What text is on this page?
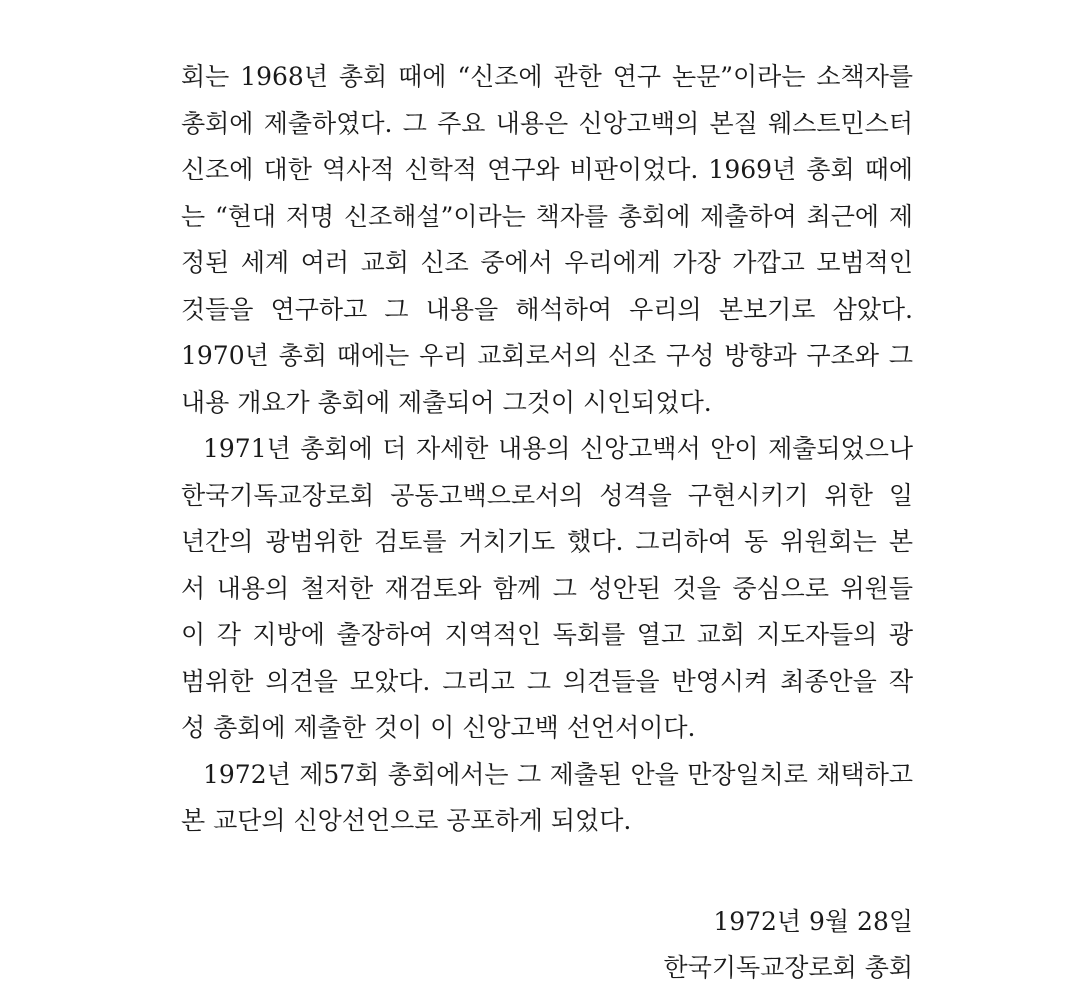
회는 1968년 총회 때에 “신조에 관한 연구 논문”이라는 소책자를
총회에 제출하였다. 그 주요 내용은 신앙고백의 본질 웨스트민스터
신조에 대한 역사적 신학적 연구와 비판이었다. 1969년 총회 때에
는 “현대 저명 신조해설”이라는 책자를 총회에 제출하여 최근에 제
정된 세계 여러 교회 신조 중에서 우리에게 가장 가깝고 모범적인
것들을 연구하고 그 내용을 해석하여 우리의 본보기로 삼았다.
1970년 총회 때에는 우리 교회로서의 신조 구성 방향과 구조와 그
내용 개요가 총회에 제출되어 그것이 시인되었다.
1971년 총회에 더 자세한 내용의 신앙고백서 안이 제출되었으나
한국기독교장로회 공동고백으로서의 성격을 구현시키기 위한 일
년간의 광범위한 검토를 거치기도 했다. 그리하여 동 위원회는 본
서 내용의 철저한 재검토와 함께 그 성안된 것을 중심으로 위원들
이 각 지방에 출장하여 지역적인 독회를 열고 교회 지도자들의 광
범위한 의견을 모았다. 그리고 그 의견들을 반영시켜 최종안을 작
성 총회에 제출한 것이 이 신앙고백 선언서이다.
1972년 제57회 총회에서는 그 제출된 안을 만장일치로 채택하고
본 교단의 신앙선언으로 공포하게 되었다.
1972년 9월 28일
한국기독교장로회 총회
